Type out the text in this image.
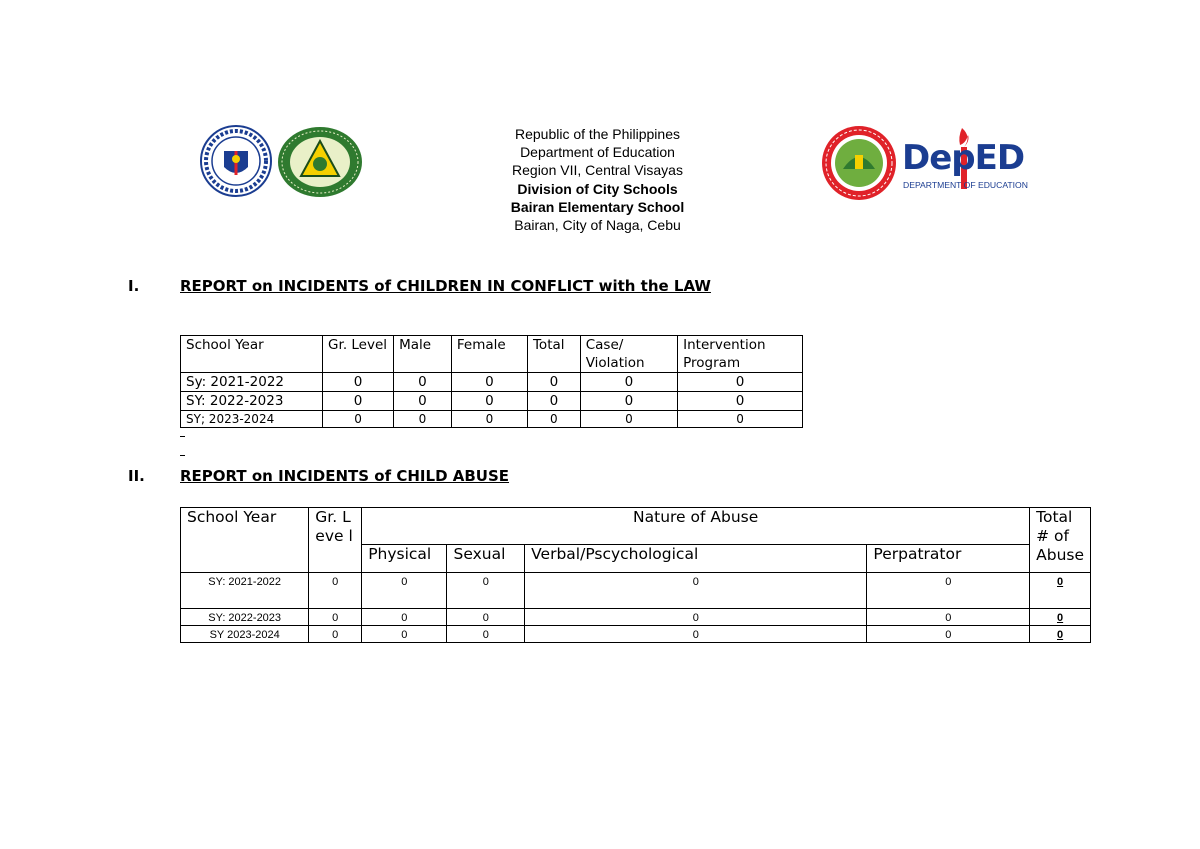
DepED
DEPARTMENT OF EDUCATION
Republic of the Philippines
Department of Education
Region VII, Central Visayas
Division of City Schools
Bairan Elementary School
Bairan, City of Naga, Cebu
I.	REPORT on INCIDENTS of CHILDREN IN CONFLICT with the LAW
School Year	Gr. Level	Male	Female	Total	Case/ Violation	Intervention Program
Sy: 2021-2022	0	0	0	0	0	0
SY: 2022-2023	0	0	0	0	0	0
SY; 2023-2024	0	0	0	0	0	0
II. REPORT on INCIDENTS of CHILD ABUSE
School Year	Gr. Leve l	Nature of Abuse				Total # of Abuse
		Physical	Sexual	Verbal/Pscychological	Perpatrator	
SY: 2021-2022	0	0	0	0	0	0
SY: 2022-2023	0	0	0	0	0	0
SY 2023-2024	0	0	0	0	0	0
